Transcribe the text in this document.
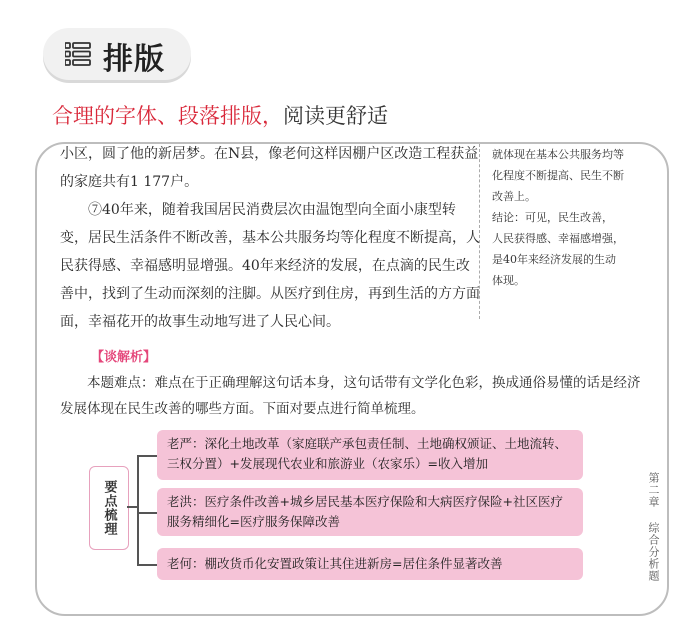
排版
合理的字体、段落排版，阅读更舒适

小区，圆了他的新居梦。在N县，像老何这样因棚户区改造工程获益的家庭共有1 177户。

⑦40年来，随着我国居民消费层次由温饱型向全面小康型转变，居民生活条件不断改善，基本公共服务均等化程度不断提高，人民获得感、幸福感明显增强。40年来经济的发展，在点滴的民生改善中，找到了生动而深刻的注脚。从医疗到住房，再到生活的方方面面，幸福花开的故事生动地写进了人民心间。

就体现在基本公共服务均等

化程度不断提高、民生不断

改善上。

结论：可见，民生改善，

人民获得感、幸福感增强，

是40年来经济发展的生动

体现。

【谈解析】

本题难点：难点在于正确理解这句话本身，这句话带有文学化色彩，换成通俗易懂的话是经济发展体现在民生改善的哪些方面。下面对要点进行简单梳理。

要点梳理
老严：深化土地改革（家庭联产承包责任制、土地确权颁证、土地流转、三权分置）+发展现代农业和旅游业（农家乐）=收入增加
老洪：医疗条件改善+城乡居民基本医疗保险和大病医疗保险+社区医疗服务精细化=医疗服务保障改善
老何：棚改货币化安置政策让其住进新房=居住条件显著改善	第二章 综合分析题
